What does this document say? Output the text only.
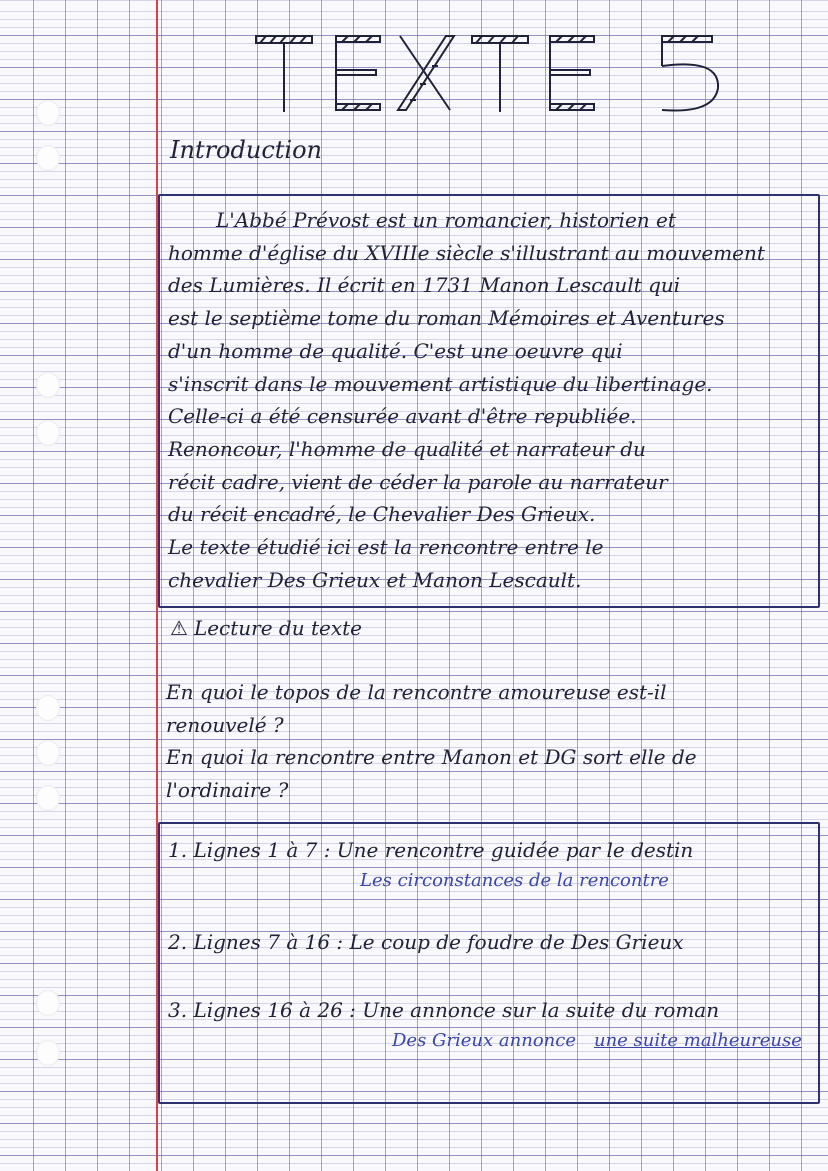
Introduction
L'Abbé Prévost est un romancier, historien et
homme d'église du XVIIIe siècle s'illustrant au mouvement
des Lumières. Il écrit en 1731 Manon Lescault qui
est le septième tome du roman Mémoires et Aventures
d'un homme de qualité. C'est une oeuvre qui
s'inscrit dans le mouvement artistique du libertinage.
Celle-ci a été censurée avant d'être republiée.
Renoncour, l'homme de qualité et narrateur du
récit cadre, vient de céder la parole au narrateur
du récit encadré, le Chevalier Des Grieux.
Le texte étudié ici est la rencontre entre le
chevalier Des Grieux et Manon Lescault.
⚠ Lecture du texte
En quoi le topos de la rencontre amoureuse est-il
renouvelé ?
En quoi la rencontre entre Manon et DG sort elle de
l'ordinaire ?
1. Lignes 1 à 7 : Une rencontre guidée par le destin
Les circonstances de la rencontre
2. Lignes 7 à 16 : Le coup de foudre de Des Grieux
3. Lignes 16 à 26 : Une annonce sur la suite du roman
Des Grieux annonce une suite malheureuse
